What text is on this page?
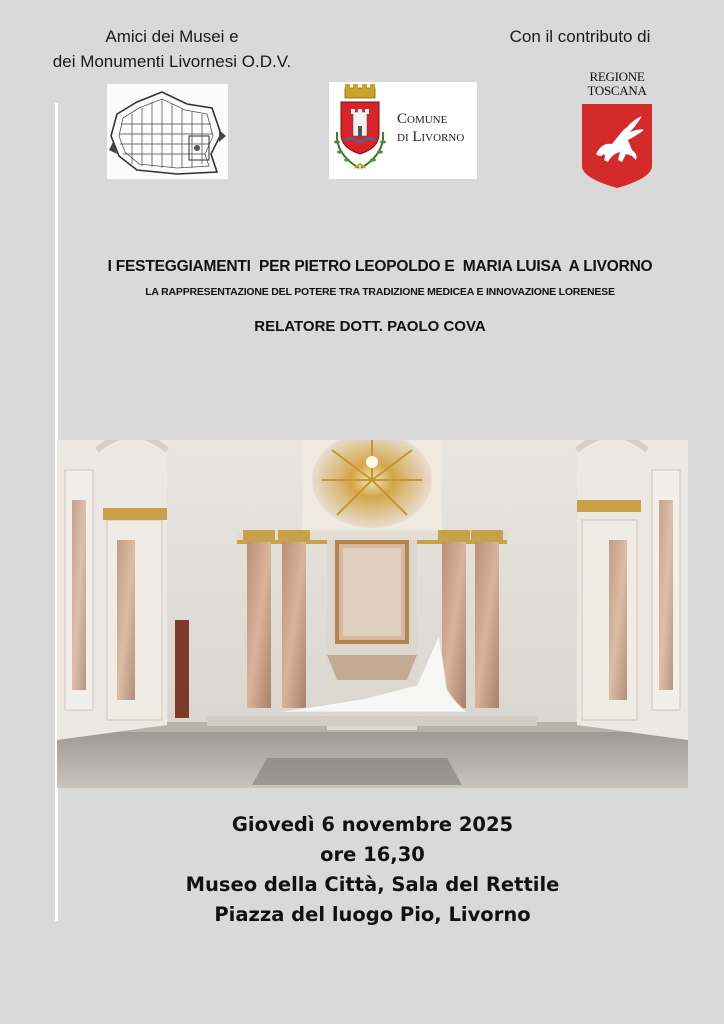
Amici dei Musei e
dei Monumenti Livornesi O.D.V.
Con il contributo di
Comune
di Livorno
REGIONE
TOSCANA
I FESTEGGIAMENTI  PER PIETRO LEOPOLDO E  MARIA LUISA  A LIVORNO
LA RAPPRESENTAZIONE DEL POTERE TRA TRADIZIONE MEDICEA E INNOVAZIONE LORENESE
RELATORE DOTT. PAOLO COVA
Giovedì 6 novembre 2025
ore 16,30
Museo della Città, Sala del Rettile
Piazza del luogo Pio, Livorno
